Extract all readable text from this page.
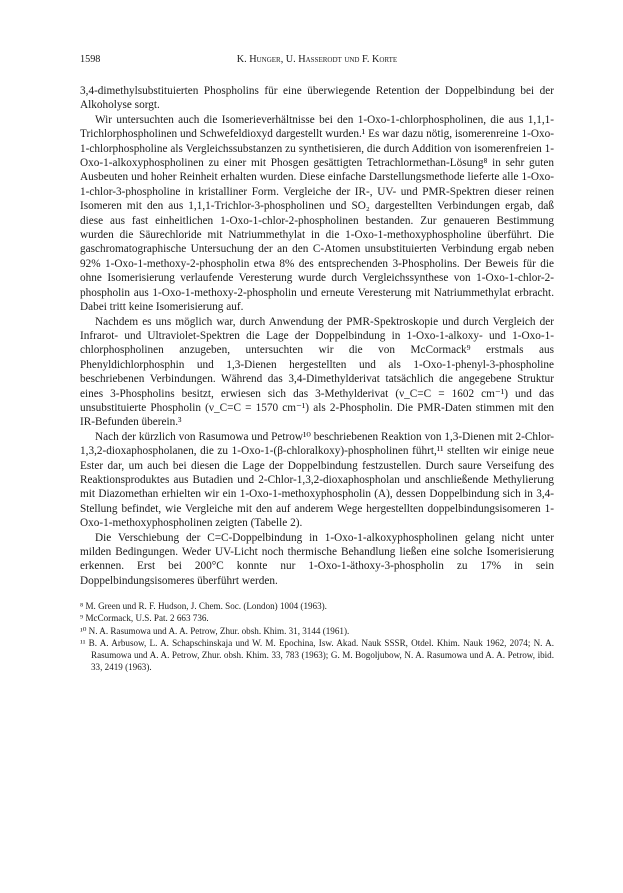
1598	K. Hunger, U. Hasserodt und F. Korte

3,4-dimethylsubstituierten Phospholins für eine überwiegende Retention der Doppelbindung bei der Alkoholyse sorgt.

Wir untersuchten auch die Isomerieverhältnisse bei den 1-Oxo-1-chlorphospholinen, die aus 1,1,1-Trichlorphospholinen und Schwefeldioxyd dargestellt wurden.¹ Es war dazu nötig, isomerenreine 1-Oxo-1-chlorphospholine als Vergleichssubstanzen zu synthetisieren, die durch Addition von isomerenfreien 1-Oxo-1-alkoxyphospholinen zu einer mit Phosgen gesättigten Tetrachlormethan-Lösung⁸ in sehr guten Ausbeuten und hoher Reinheit erhalten wurden. Diese einfache Darstellungsmethode lieferte alle 1-Oxo-1-chlor-3-phospholine in kristalliner Form. Vergleiche der IR-, UV- und PMR-Spektren dieser reinen Isomeren mit den aus 1,1,1-Trichlor-3-phospholinen und SO₂ dargestellten Verbindungen ergab, daß diese aus fast einheitlichen 1-Oxo-1-chlor-2-phospholinen bestanden. Zur genaueren Bestimmung wurden die Säurechloride mit Natriummethylat in die 1-Oxo-1-methoxyphospholine überführt. Die gaschromatographische Untersuchung der an den C-Atomen unsubstituierten Verbindung ergab neben 92% 1-Oxo-1-methoxy-2-phospholin etwa 8% des entsprechenden 3-Phospholins. Der Beweis für die ohne Isomerisierung verlaufende Veresterung wurde durch Vergleichssynthese von 1-Oxo-1-chlor-2-phospholin aus 1-Oxo-1-methoxy-2-phospholin und erneute Veresterung mit Natriummethylat erbracht. Dabei tritt keine Isomerisierung auf.

Nachdem es uns möglich war, durch Anwendung der PMR-Spektroskopie und durch Vergleich der Infrarot- und Ultraviolet-Spektren die Lage der Doppelbindung in 1-Oxo-1-alkoxy- und 1-Oxo-1-chlorphospholinen anzugeben, untersuchten wir die von McCormack⁹ erstmals aus Phenyldichlorphosphin und 1,3-Dienen hergestellten und als 1-Oxo-1-phenyl-3-phospholine beschriebenen Verbindungen. Während das 3,4-Dimethylderivat tatsächlich die angegebene Struktur eines 3-Phospholins besitzt, erwiesen sich das 3-Methylderivat (ν_C=C = 1602 cm⁻¹) und das unsubstituierte Phospholin (ν_C=C = 1570 cm⁻¹) als 2-Phospholin. Die PMR-Daten stimmen mit den IR-Befunden überein.³

Nach der kürzlich von Rasumowa und Petrow¹⁰ beschriebenen Reaktion von 1,3-Dienen mit 2-Chlor-1,3,2-dioxaphospholanen, die zu 1-Oxo-1-(β-chloralkoxy)-phospholinen führt,¹¹ stellten wir einige neue Ester dar, um auch bei diesen die Lage der Doppelbindung festzustellen. Durch saure Verseifung des Reaktionsproduktes aus Butadien und 2-Chlor-1,3,2-dioxaphospholan und anschließende Methylierung mit Diazomethan erhielten wir ein 1-Oxo-1-methoxyphospholin (A), dessen Doppelbindung sich in 3,4-Stellung befindet, wie Vergleiche mit den auf anderem Wege hergestellten doppelbindungsisomeren 1-Oxo-1-methoxyphospholinen zeigten (Tabelle 2).

Die Verschiebung der C=C-Doppelbindung in 1-Oxo-1-alkoxyphospholinen gelang nicht unter milden Bedingungen. Weder UV-Licht noch thermische Behandlung ließen eine solche Isomerisierung erkennen. Erst bei 200°C konnte nur 1-Oxo-1-äthoxy-3-phospholin zu 17% in sein Doppelbindungsisomeres überführt werden.

⁸ M. Green und R. F. Hudson, J. Chem. Soc. (London) 1004 (1963).

⁹ McCormack, U.S. Pat. 2 663 736.

¹⁰ N. A. Rasumowa und A. A. Petrow, Zhur. obsh. Khim. 31, 3144 (1961).

¹¹ B. A. Arbusow, L. A. Schapschinskaja und W. M. Epochina, Isw. Akad. Nauk SSSR, Otdel. Khim. Nauk 1962, 2074; N. A. Rasumowa und A. A. Petrow, Zhur. obsh. Khim. 33, 783 (1963); G. M. Bogoljubow, N. A. Rasumowa und A. A. Petrow, ibid. 33, 2419 (1963).
